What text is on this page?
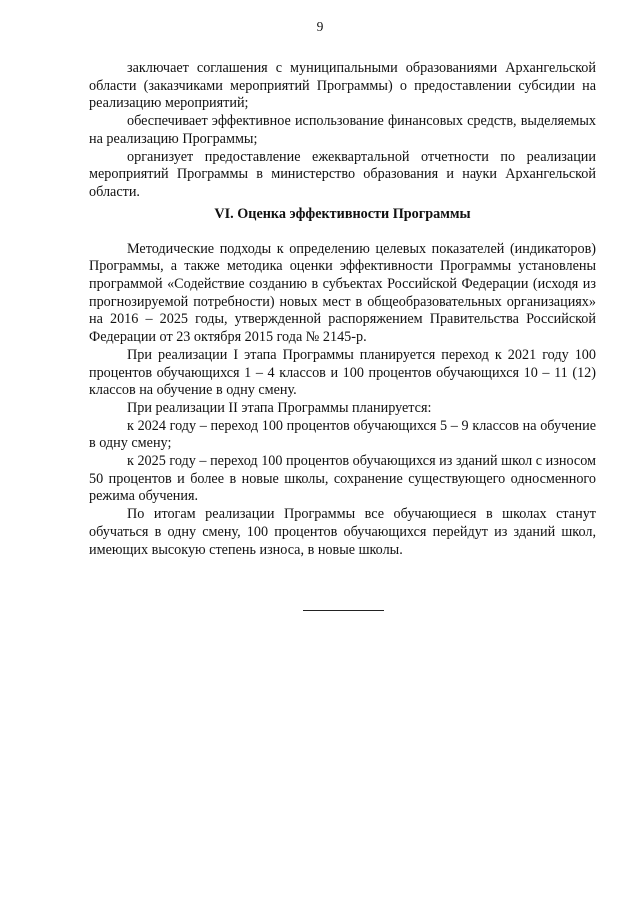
9

заключает соглашения с муниципальными образованиями Архангельской области (заказчиками мероприятий Программы) о предоставлении субсидии на реализацию мероприятий;

обеспечивает эффективное использование финансовых средств, выделяемых на реализацию Программы;

организует предоставление ежеквартальной отчетности по реализации мероприятий Программы в министерство образования и науки Архангельской области.

VI. Оценка эффективности Программы

Методические подходы к определению целевых показателей (индикаторов) Программы, а также методика оценки эффективности Программы установлены программой «Содействие созданию в субъектах Российской Федерации (исходя из прогнозируемой потребности) новых мест в общеобразовательных организациях» на 2016 – 2025 годы, утвержденной распоряжением Правительства Российской Федерации от 23 октября 2015 года № 2145-р.

При реализации I этапа Программы планируется переход к 2021 году 100 процентов обучающихся 1 – 4 классов и 100 процентов обучающихся 10 – 11 (12) классов на обучение в одну смену.

При реализации II этапа Программы планируется:

к 2024 году – переход 100 процентов обучающихся 5 – 9 классов на обучение в одну смену;

к 2025 году – переход 100 процентов обучающихся из зданий школ с износом 50 процентов и более в новые школы, сохранение существующего односменного режима обучения.

По итогам реализации Программы все обучающиеся в школах станут обучаться в одну смену, 100 процентов обучающихся перейдут из зданий школ, имеющих высокую степень износа, в новые школы.
